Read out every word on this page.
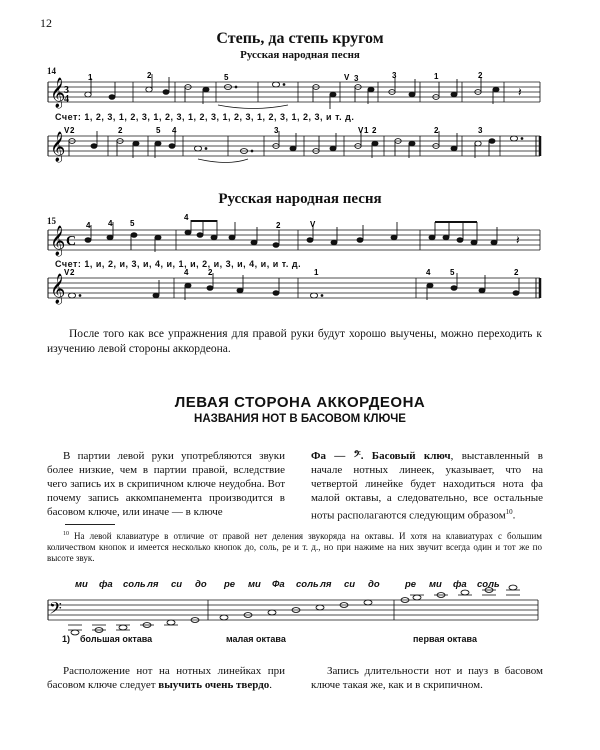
12
Степь, да степь кругом
Русская народная песня
14
𝄞
3
4
𝄽
1	2	5	3	3	1	2
V
Счет: 1, 2, 3, 1, 2, 3, 1, 2, 3, 1, 2, 3, 1, 2, 3, 1, 2, 3, 1, 2, 3, и т. д.
𝄞
V 2	2	5 4	3	V 1 2	2	3
Русская народная песня
15
𝄞 C	𝄽
4 4 5
4
2	V
Счет: 1, и, 2, и, 3, и, 4, и, 1, и, 2, и, 3, и, 4, и, и т. д.
𝄞
V 2	4 2	1	4 5	2
После того как все упражнения для правой руки будут хорошо выучены, можно переходить к изучению левой стороны аккордеона.
ЛЕВАЯ СТОРОНА АККОРДЕОНА
НАЗВАНИЯ НОТ В БАСОВОМ КЛЮЧЕ
В партии левой руки употребляются звуки более низкие, чем в партии правой, вследствие чего запись их в скрипичном ключе неудобна. Вот почему запись аккомпанемента производится в басовом ключе, или иначе — в ключе
Фа — 𝄢. Басовый ключ, выставленный в начале нотных линеек, указывает, что на четвертой линейке будет находиться нота фа малой октавы, а следовательно, все остальные ноты располагаются следующим образом$^{10}$.
$^{10}$ На левой клавиатуре в отличие от правой нет деления звукоряда на октавы. И хотя на клавиатурах с большим количеством кнопок и имеется несколько кнопок до, соль, ре и т. д., но при нажиме на них звучит всегда один и тот же по высоте звук.
ми фа соль ля си до ре ми Фа соль ля си до	ре ми фа соль
𝄢
1) большая октава	малая октава	первая октава
Расположение нот на нотных линейках при басовом ключе следует выучить очень твердо.
Запись длительности нот и пауз в басовом ключе такая же, как и в скрипичном.
